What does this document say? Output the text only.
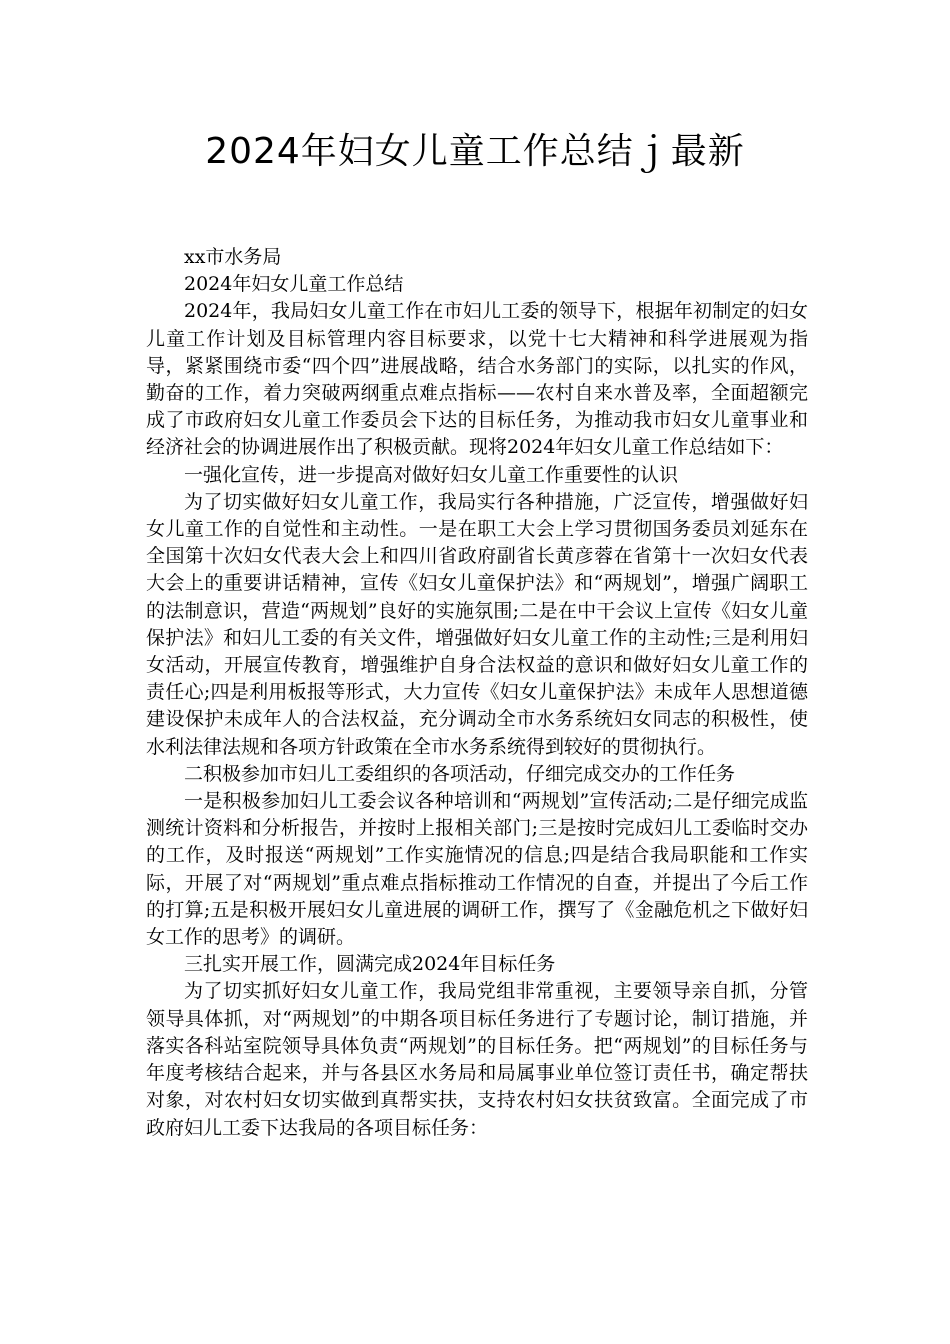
2024年妇女儿童工作总结ｊ最新

xx市水务局

2024年妇女儿童工作总结

2024年，我局妇女儿童工作在市妇儿工委的领导下，根据年初制定的妇女儿童工作计划及目标管理内容目标要求，以党十七大精神和科学进展观为指导，紧紧围绕市委“四个四”进展战略，结合水务部门的实际，以扎实的作风，勤奋的工作，着力突破两纲重点难点指标——农村自来水普及率，全面超额完成了市政府妇女儿童工作委员会下达的目标任务，为推动我市妇女儿童事业和经济社会的协调进展作出了积极贡献。现将2024年妇女儿童工作总结如下：

一强化宣传，进一步提高对做好妇女儿童工作重要性的认识

为了切实做好妇女儿童工作，我局实行各种措施，广泛宣传，增强做好妇女儿童工作的自觉性和主动性。一是在职工大会上学习贯彻国务委员刘延东在全国第十次妇女代表大会上和四川省政府副省长黄彦蓉在省第十一次妇女代表大会上的重要讲话精神，宣传《妇女儿童保护法》和“两规划”，增强广阔职工的法制意识，营造“两规划”良好的实施氛围;二是在中干会议上宣传《妇女儿童保护法》和妇儿工委的有关文件，增强做好妇女儿童工作的主动性;三是利用妇女活动，开展宣传教育，增强维护自身合法权益的意识和做好妇女儿童工作的责任心;四是利用板报等形式，大力宣传《妇女儿童保护法》未成年人思想道德建设保护未成年人的合法权益，充分调动全市水务系统妇女同志的积极性，使水利法律法规和各项方针政策在全市水务系统得到较好的贯彻执行。

二积极参加市妇儿工委组织的各项活动，仔细完成交办的工作任务

一是积极参加妇儿工委会议各种培训和“两规划”宣传活动;二是仔细完成监测统计资料和分析报告，并按时上报相关部门;三是按时完成妇儿工委临时交办的工作，及时报送“两规划”工作实施情况的信息;四是结合我局职能和工作实际，开展了对“两规划”重点难点指标推动工作情况的自查，并提出了今后工作的打算;五是积极开展妇女儿童进展的调研工作，撰写了《金融危机之下做好妇女工作的思考》的调研。

三扎实开展工作，圆满完成2024年目标任务

为了切实抓好妇女儿童工作，我局党组非常重视，主要领导亲自抓，分管领导具体抓，对“两规划”的中期各项目标任务进行了专题讨论，制订措施，并落实各科站室院领导具体负责“两规划”的目标任务。把“两规划”的目标任务与年度考核结合起来，并与各县区水务局和局属事业单位签订责任书，确定帮扶对象，对农村妇女切实做到真帮实扶，支持农村妇女扶贫致富。全面完成了市政府妇儿工委下达我局的各项目标任务：
